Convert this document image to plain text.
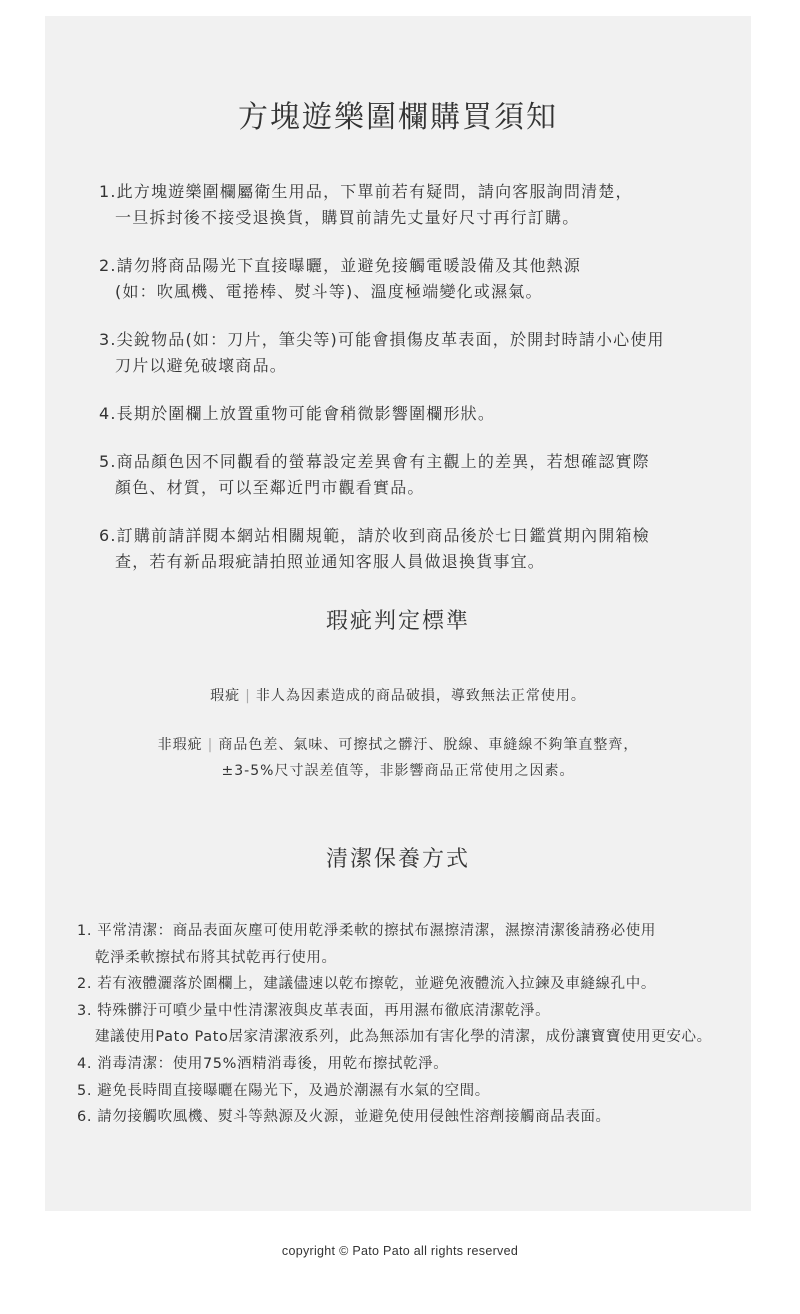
方塊遊樂圍欄購買須知
1.此方塊遊樂圍欄屬衛生用品，下單前若有疑問，請向客服詢問清楚，
一旦拆封後不接受退換貨，購買前請先丈量好尺寸再行訂購。
2.請勿將商品陽光下直接曝曬，並避免接觸電暖設備及其他熱源
(如：吹風機、電捲棒、熨斗等)、溫度極端變化或濕氣。
3.尖銳物品(如：刀片，筆尖等)可能會損傷皮革表面，於開封時請小心使用
刀片以避免破壞商品。
4.長期於圍欄上放置重物可能會稍微影響圍欄形狀。
5.商品顏色因不同觀看的螢幕設定差異會有主觀上的差異，若想確認實際
顏色、材質，可以至鄰近門市觀看實品。
6.訂購前請詳閱本網站相關規範，請於收到商品後於七日鑑賞期內開箱檢
查，若有新品瑕疵請拍照並通知客服人員做退換貨事宜。
瑕疵判定標準
瑕疵 | 非人為因素造成的商品破損，導致無法正常使用。
非瑕疵 | 商品色差、氣味、可擦拭之髒汙、脫線、車縫線不夠筆直整齊，
±3-5%尺寸誤差值等，非影響商品正常使用之因素。
清潔保養方式
1. 平常清潔：商品表面灰塵可使用乾淨柔軟的擦拭布濕擦清潔，濕擦清潔後請務必使用
乾淨柔軟擦拭布將其拭乾再行使用。
2. 若有液體灑落於圍欄上，建議儘速以乾布擦乾，並避免液體流入拉鍊及車縫線孔中。
3. 特殊髒汙可噴少量中性清潔液與皮革表面，再用濕布徹底清潔乾淨。
建議使用Pato Pato居家清潔液系列，此為無添加有害化學的清潔，成份讓寶寶使用更安心。
4. 消毒清潔：使用75%酒精消毒後，用乾布擦拭乾淨。
5. 避免長時間直接曝曬在陽光下，及過於潮濕有水氣的空間。
6. 請勿接觸吹風機、熨斗等熱源及火源，並避免使用侵蝕性溶劑接觸商品表面。
copyright © Pato Pato all rights reserved
